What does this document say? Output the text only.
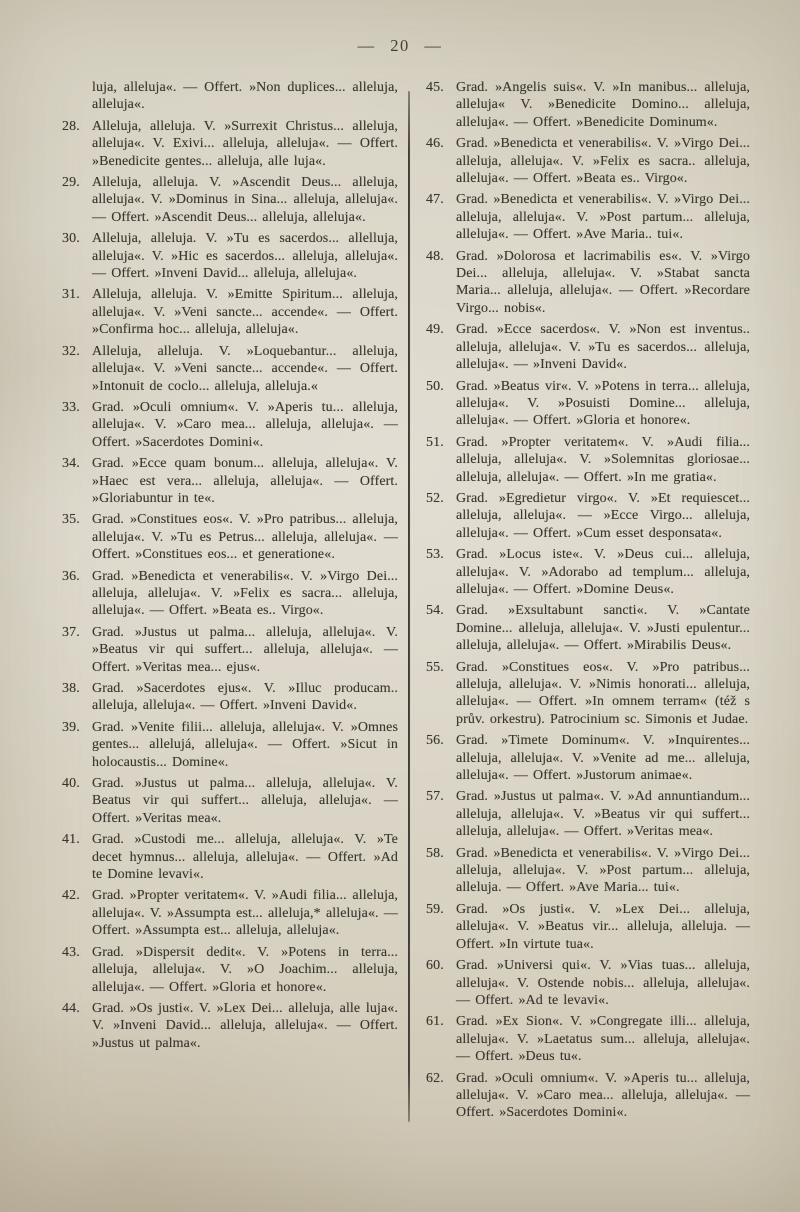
— 20 —

luja, alleluja«. — Offert. »Non duplices... alleluja, alleluja«.

28. Alleluja, alleluja. V. »Surrexit Christus... alleluja, alleluja«. V. Exivi... alleluja, alleluja«. — Offert. »Benedicite gentes... alleluja, alle luja«.

29. Alleluja, alleluja. V. »Ascendit Deus... alleluja, alleluja«. V. »Dominus in Sina... alleluja, alleluja«. — Offert. »Ascendit Deus... alleluja, alleluja«.

30. Alleluja, alleluja. V. »Tu es sacerdos... allelluja, alleluja«. V. »Hic es sacerdos... alleluja, alleluja«. — Offert. »Inveni David... alleluja, alleluja«.

31. Alleluja, alleluja. V. »Emitte Spiritum... alleluja, alleluja«. V. »Veni sancte... accende«. — Offert. »Confirma hoc... alleluja, alleluja«.

32. Alleluja, alleluja. V. »Loquebantur... alleluja, alleluja«. V. »Veni sancte... accende«. — Offert. »Intonuit de coclo... alleluja, alleluja.«

33. Grad. »Oculi omnium«. V. »Aperis tu... alleluja, alleluja«. V. »Caro mea... alleluja, alleluja«. — Offert. »Sacerdotes Domini«.

34. Grad. »Ecce quam bonum... alleluja, alleluja«. V. »Haec est vera... alleluja, alleluja«. — Offert. »Gloriabuntur in te«.

35. Grad. »Constitues eos«. V. »Pro patribus... alleluja, alleluja«. V. »Tu es Petrus... alleluja, alleluja«. — Offert. »Constitues eos... et generatione«.

36. Grad. »Benedicta et venerabilis«. V. »Virgo Dei... alleluja, alleluja«. V. »Felix es sacra... alleluja, alleluja«. — Offert. »Beata es.. Virgo«.

37. Grad. »Justus ut palma... alleluja, alleluja«. V. »Beatus vir qui suffert... alleluja, alleluja«. — Offert. »Veritas mea... ejus«.

38. Grad. »Sacerdotes ejus«. V. »Illuc producam.. alleluja, alleluja«. — Offert. »Inveni David«.

39. Grad. »Venite filii... alleluja, alleluja«. V. »Omnes gentes... allelujá, alleluja«. — Offert. »Sicut in holocaustis... Domine«.

40. Grad. »Justus ut palma... alleluja, alleluja«. V. Beatus vir qui suffert... alleluja, alleluja«. — Offert. »Veritas mea«.

41. Grad. »Custodi me... alleluja, alleluja«. V. »Te decet hymnus... alleluja, alleluja«. — Offert. »Ad te Domine levavi«.

42. Grad. »Propter veritatem«. V. »Audi filia... alleluja, alleluja«. V. »Assumpta est... alleluja,* alleluja«. — Offert. »Assumpta est... alleluja, alleluja«.

43. Grad. »Dispersit dedit«. V. »Potens in terra... alleluja, alleluja«. V. »O Joachim... alleluja, alleluja«. — Offert. »Gloria et honore«.

44. Grad. »Os justi«. V. »Lex Dei... alleluja, alle luja«. V. »Inveni David... alleluja, alleluja«. — Offert. »Justus ut palma«.

45. Grad. »Angelis suis«. V. »In manibus... alleluja, alleluja« V. »Benedicite Domino... alleluja, alleluja«. — Offert. »Benedicite Dominum«.

46. Grad. »Benedicta et venerabilis«. V. »Virgo Dei... alleluja, alleluja«. V. »Felix es sacra.. alleluja, alleluja«. — Offert. »Beata es.. Virgo«.

47. Grad. »Benedicta et venerabilis«. V. »Virgo Dei... alleluja, alleluja«. V. »Post partum... alleluja, alleluja«. — Offert. »Ave Maria.. tui«.

48. Grad. »Dolorosa et lacrimabilis es«. V. »Virgo Dei... alleluja, alleluja«. V. »Stabat sancta Maria... alleluja, alleluja«. — Offert. »Recordare Virgo... nobis«.

49. Grad. »Ecce sacerdos«. V. »Non est inventus.. alleluja, alleluja«. V. »Tu es sacerdos... alleluja, alleluja«. — »Inveni David«.

50. Grad. »Beatus vir«. V. »Potens in terra... alleluja, alleluja«. V. »Posuisti Domine... alleluja, alleluja«. — Offert. »Gloria et honore«.

51. Grad. »Propter veritatem«. V. »Audi filia... alleluja, alleluja«. V. »Solemnitas gloriosae... alleluja, alleluja«. — Offert. »In me gratia«.

52. Grad. »Egredietur virgo«. V. »Et requiescet... alleluja, alleluja«. — »Ecce Virgo... alleluja, alleluja«. — Offert. »Cum esset desponsata«.

53. Grad. »Locus iste«. V. »Deus cui... alleluja, alleluja«. V. »Adorabo ad templum... alleluja, alleluja«. — Offert. »Domine Deus«.

54. Grad. »Exsultabunt sancti«. V. »Cantate Domine... alleluja, alleluja«. V. »Justi epulentur... alleluja, alleluja«. — Offert. »Mirabilis Deus«.

55. Grad. »Constitues eos«. V. »Pro patribus... alleluja, alleluja«. V. »Nimis honorati... alleluja, alleluja«. — Offert. »In omnem terram« (též s prův. orkestru). Patrocinium sc. Simonis et Judae.

56. Grad. »Timete Dominum«. V. »Inquirentes... alleluja, alleluja«. V. »Venite ad me... alleluja, alleluja«. — Offert. »Justorum animae«.

57. Grad. »Justus ut palma«. V. »Ad annuntiandum... alleluja, alleluja«. V. »Beatus vir qui suffert... alleluja, alleluja«. — Offert. »Veritas mea«.

58. Grad. »Benedicta et venerabilis«. V. »Virgo Dei... alleluja, alleluja«. V. »Post partum... alleluja, alleluja. — Offert. »Ave Maria... tui«.

59. Grad. »Os justi«. V. »Lex Dei... alleluja, alleluja«. V. »Beatus vir... alleluja, alleluja. — Offert. »In virtute tua«.

60. Grad. »Universi qui«. V. »Vias tuas... alleluja, alleluja«. V. Ostende nobis... alleluja, alleluja«. — Offert. »Ad te levavi«.

61. Grad. »Ex Sion«. V. »Congregate illi... alleluja, alleluja«. V. »Laetatus sum... alleluja, alleluja«. — Offert. »Deus tu«.

62. Grad. »Oculi omnium«. V. »Aperis tu... alleluja, alleluja«. V. »Caro mea... alleluja, alleluja«. — Offert. »Sacerdotes Domini«.
